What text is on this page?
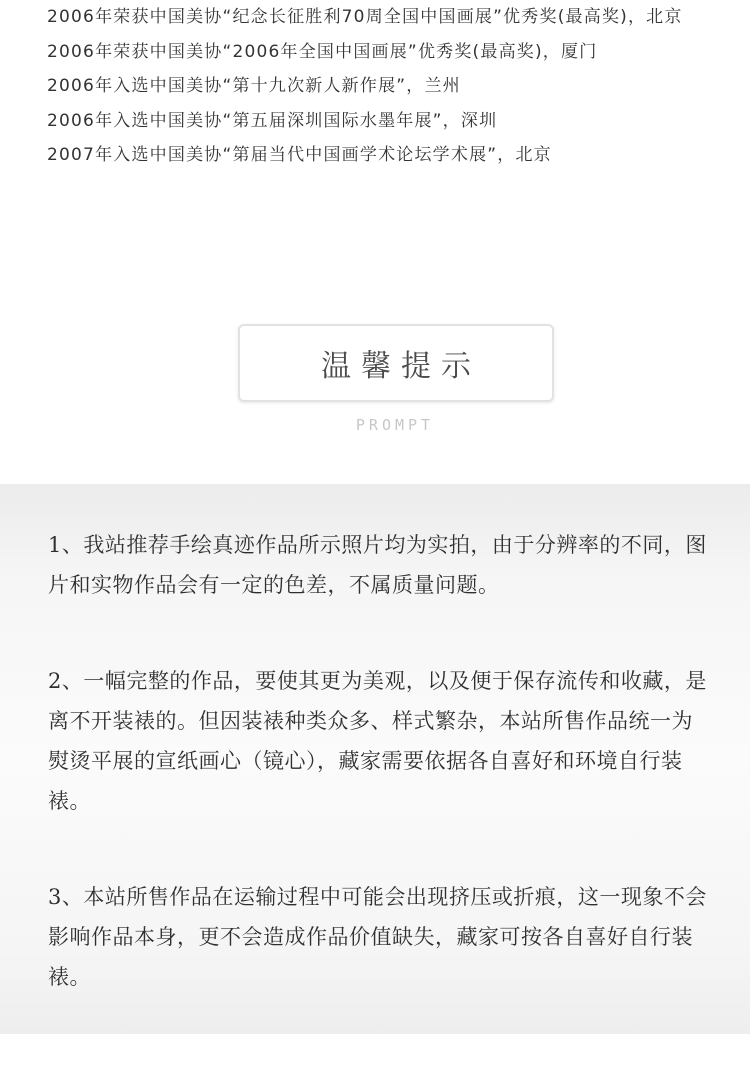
2006年荣获中国美协“纪念长征胜利70周全国中国画展”优秀奖(最高奖)，北京
2006年荣获中国美协“2006年全国中国画展”优秀奖(最高奖)，厦门
2006年入选中国美协“第十九次新人新作展”，兰州
2006年入选中国美协“第五届深圳国际水墨年展”，深圳
2007年入选中国美协“第届当代中国画学术论坛学术展”，北京
温馨提示
PROMPT

1、我站推荐手绘真迹作品所示照片均为实拍，由于分辨率的不同，图片和实物作品会有一定的色差，不属质量问题。

2、一幅完整的作品，要使其更为美观，以及便于保存流传和收藏，是离不开装裱的。但因装裱种类众多、样式繁杂，本站所售作品统一为熨烫平展的宣纸画心（镜心），藏家需要依据各自喜好和环境自行装裱。

3、本站所售作品在运输过程中可能会出现挤压或折痕，这一现象不会影响作品本身，更不会造成作品价值缺失，藏家可按各自喜好自行装裱。
